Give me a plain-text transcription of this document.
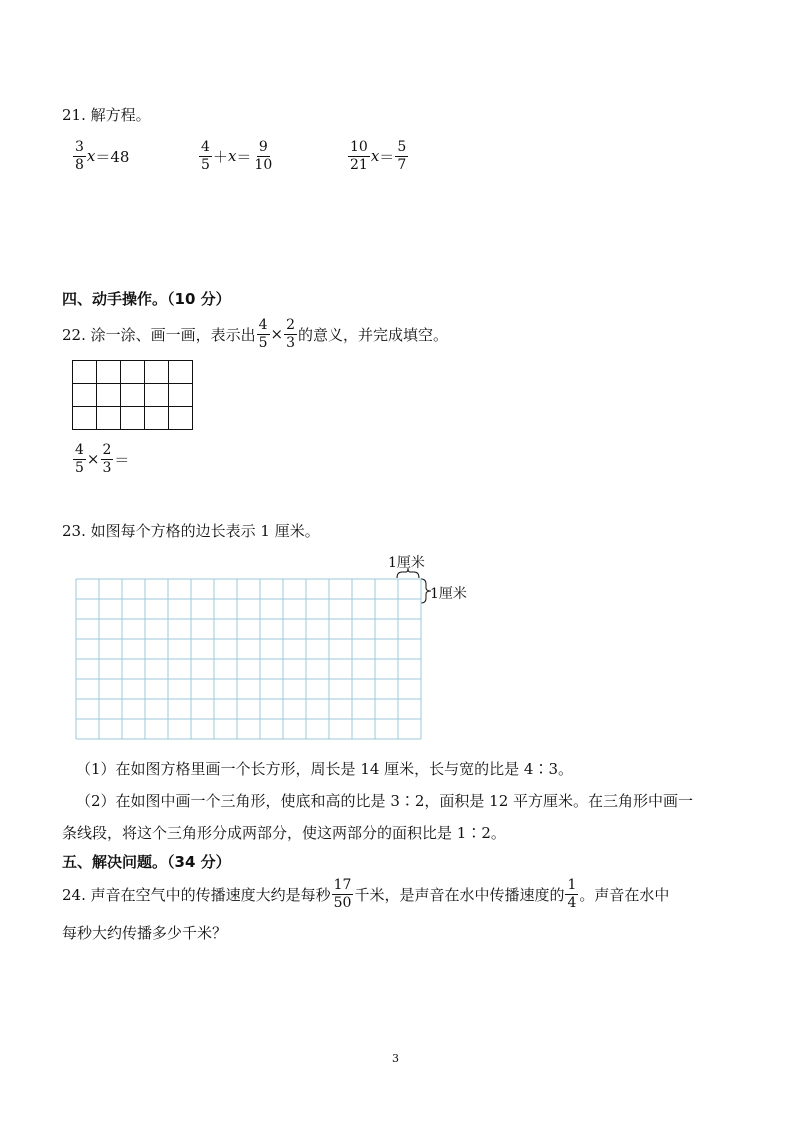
21. 解方程。
$\frac{3}{8}$ x ＝48	$\frac{4}{5} + x = \frac{9}{10}$	$\frac{10}{21}$ $x = \frac{5}{7}$
四、动手操作。（10 分）
22. 涂一涂、画一画，表示出 $\frac{4}{5} \times \frac{2}{3}$ 的意义，并完成填空。

$\frac{4}{5} \times \frac{2}{3}$ ＝
23. 如图每个方格的边长表示 1 厘米。
1厘米
1厘米
（1）在如图方格里画一个长方形，周长是 14 厘米，长与宽的比是 4∶3。
（2）在如图中画一个三角形，使底和高的比是 3∶2，面积是 12 平方厘米。在三角形中画一
条线段，将这个三角形分成两部分，使这两部分的面积比是 1∶2。
五、解决问题。（34 分）
24. 声音在空气中的传播速度大约是每秒 $\frac{17}{50}$ 千米，是声音在水中传播速度的 $\frac{1}{4}$ 。声音在水中
每秒大约传播多少千米？
3
